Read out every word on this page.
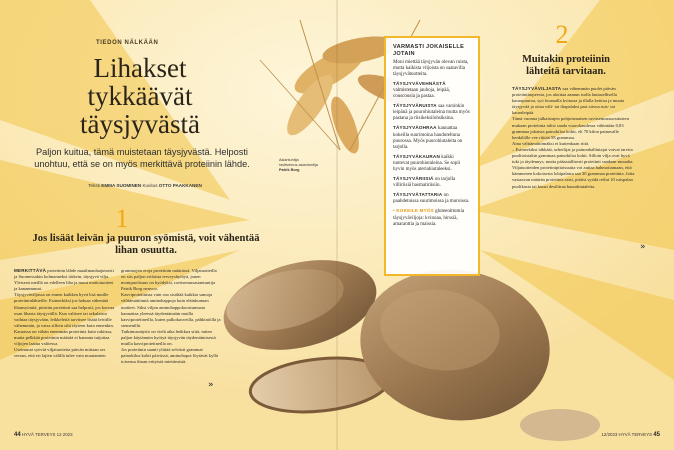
TIEDON NÄLKÄÄN
Lihakset
tykkäävät
täysjyvästä
Paljon kuitua, tämä muistetaan täysjyvästä. Helposti unohtuu, että se on myös merkittävä proteiinin lähde.
Teksti EMMA SUOMINEN Kuvitus OTTO PAAKKANEN
Asiantuntija ravitsemus-asiantuntija
Patrik Borg
1
Jos lisäät leivän ja puuron syömistä, voit vähentää lihan osuutta.

MERKITTÄVÄ proteiinin lähde maailmanlaajuisesti ja Suomessakin kolmanneksi tärkein, täysjyvä vilja. Yleisesti meillä on edelleen liha ja muut maitotuotteet ja kananmunat.

Täysjyväviljassa on ennen kaikkea hyvä lisä muille proteiininlähteille. Esimerkiksi jos haluaa vähentää lihansyöntiä, pitävän proteiinit saa helposti, jos korvaa osan lihasta täysjyvällä. Kun valitsee tai sekalaisia vaihtaa täysjyvään, leikkeleitä tarvitsee lisätä leivälle vähemmän, ja vatsa silloin silti täyteen kuin ennenkin.

Kaurassa on vähän enemmän proteiinia kuin rukiissa, mutta pelkkää proteiinin määrää ei kannata tuijottaa viljojen laatua valitessa.

Useimmat syövät viljatuotteita päivän mittaan ser verran, että eri lajien välillä tulee vain muutamien

grammojen eroja proteiinin määrässä. Viljatuotteilla on siis paljon erilaista terveyshyötyä, jonen monipuolisuus on hyödyksi, ravitsemusasiantuntija Patrik Borg neuvoo.

Kasviproteiinista vain osa sisältää kaikkia samoja välttämättömiä aminohappoja kuin eläinkunnan tuotteet. Siksi viljan aminohappokoostumusta kannattaa yleensä täydentämään muilla kasviproteiineilla, kuten palkokasveilla, pähkinöillä ja siemenillä.

Tutkimusnäyttö on vielä aika heikkoa siitä, miten paljon käytännön hyötyä täysjyvän täydentämisestä muilla kasviproteiineilla on.

Jos proteiinin saanti ylittää selvästi grammat painokiloa kohti päivässä, aminohapot löytävät kyllä toisensa ilman erityistä miettimistä.

»
VARMASTI JOKAISELLE JOTAIN

Moni miettää täysjyvän olevan ruista, mutta kaikista viljoista on saatavilla täysjyvätuotteita.

TÄYSJYVÄVEHNÄSTÄ valmistetaan jauhoja, leipää, couscousia ja pastaa.

TÄYSJYVÄRUISTA saa varsinkin leipänä ja puurohiutaleina mutta myös pastana ja riisikeksilohsiksina.

TÄYSJYVÄOHRAA kannattaa kokeilla suurimoina hauduteltuna puurossa. Myös puurohiutaleita on tarjolla.

TÄYSJYVÄKAURAN kaikki tuntevat puurohiutaleina. Se sopii hyvin myös ateriahiutaleeksi.

TÄYSJYVÄRIISIÄ on tarjolla villiriisiä basmatiriisiin.

TÄYSJYVÄTATTARIA on paahdetuissa suurimoissa ja muroissa.

• KOKEILE MYÖS gluteenittomia täysjyväviljoja: kvinoaa, hirssiä, amaranttia ja maissia.

2
Muitakin proteiinin lähteitä tarvitaan.

TÄYSJYVÄVILJASTA saa vähemmän puolet päivän proteiinitarpeesta, jos aloittaa aamun isolla lautasellisella kaurapuuroa, syö lounaalla kvinoaa ja illalla keittoa ja muuta täysjyvää ja ottaa väli- tai iltapalaksi pari siivua ruis- tai kauraleipää.

Tämä vuonna julkaistujen pohjoismaisen ravitsemussuositusten mukaan proteiinia tulisi saada vuorokaudessa vähintään 0,83 grammaa jokaista painokiloa kohti, eli 70 kilon painavalle henkilölle vee riittää 58 grammaa.

Aina välttämättömäksi ei kuitenkaan riitä.

– Esimerkiksi täkkäät, urheilijat ja painonhallintajat voivat tarvita puolitoistakin grammaa painokiloa kohti. Silloin vilja ovat hyvä tuki ja täydennys, mutta pääasiallisesti proteiinit saadaan muualta.

Viljatuotteiden proteiinipitoisuutta voi auttaa hahmottamaan, että kämmenen kokoisesta lohipalasta saa 30 grammaa proteiinia. Jotta vastaavan määrän proteiinia saisi, pitäisi syödä reilut 10 ruispalan puolikasta tai kuusi desilitraa kaurahiutaleita.

»
44 HYVÄ TERVEYS 12 2023	12/2023 HYVÄ TERVEYS 45
